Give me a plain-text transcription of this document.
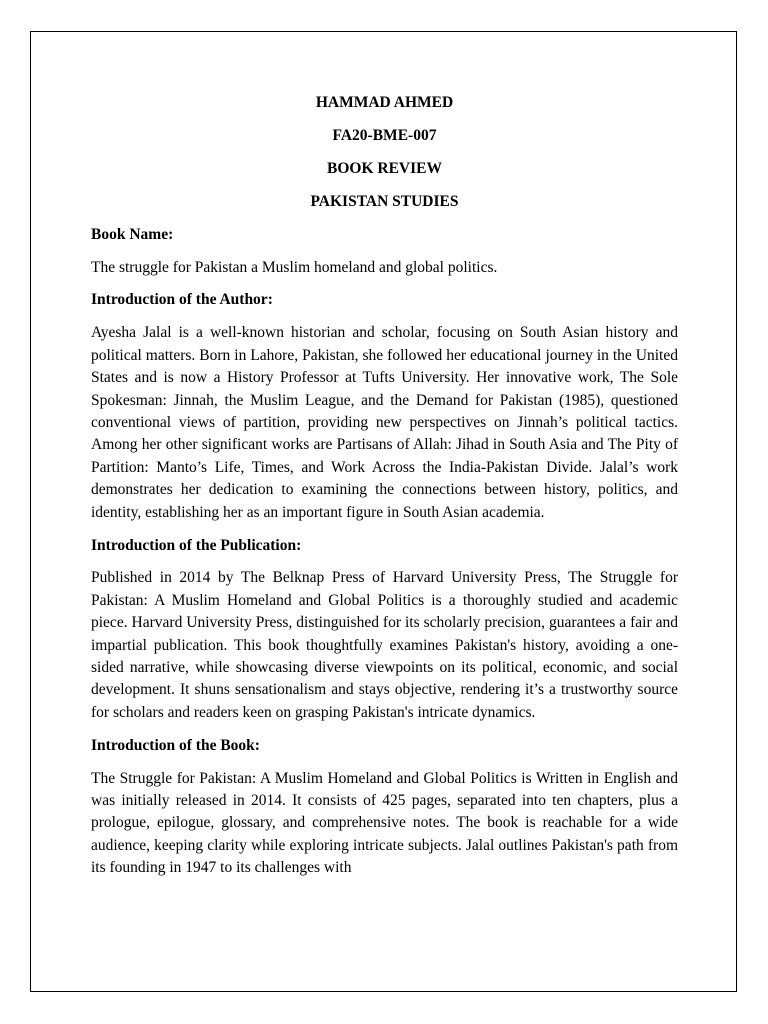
HAMMAD AHMED
FA20-BME-007
BOOK REVIEW
PAKISTAN STUDIES
Book Name:
The struggle for Pakistan a Muslim homeland and global politics.
Introduction of the Author:
Ayesha Jalal is a well-known historian and scholar, focusing on South Asian history and political matters. Born in Lahore, Pakistan, she followed her educational journey in the United States and is now a History Professor at Tufts University. Her innovative work, The Sole Spokesman: Jinnah, the Muslim League, and the Demand for Pakistan (1985), questioned conventional views of partition, providing new perspectives on Jinnah’s political tactics. Among her other significant works are Partisans of Allah: Jihad in South Asia and The Pity of Partition: Manto’s Life, Times, and Work Across the India-Pakistan Divide. Jalal’s work demonstrates her dedication to examining the connections between history, politics, and identity, establishing her as an important figure in South Asian academia.
Introduction of the Publication:
Published in 2014 by The Belknap Press of Harvard University Press, The Struggle for Pakistan: A Muslim Homeland and Global Politics is a thoroughly studied and academic piece. Harvard University Press, distinguished for its scholarly precision, guarantees a fair and impartial publication. This book thoughtfully examines Pakistan's history, avoiding a one-sided narrative, while showcasing diverse viewpoints on its political, economic, and social development. It shuns sensationalism and stays objective, rendering it’s a trustworthy source for scholars and readers keen on grasping Pakistan's intricate dynamics.
Introduction of the Book:
The Struggle for Pakistan: A Muslim Homeland and Global Politics is Written in English and was initially released in 2014. It consists of 425 pages, separated into ten chapters, plus a prologue, epilogue, glossary, and comprehensive notes. The book is reachable for a wide audience, keeping clarity while exploring intricate subjects. Jalal outlines Pakistan's path from its founding in 1947 to its challenges with
